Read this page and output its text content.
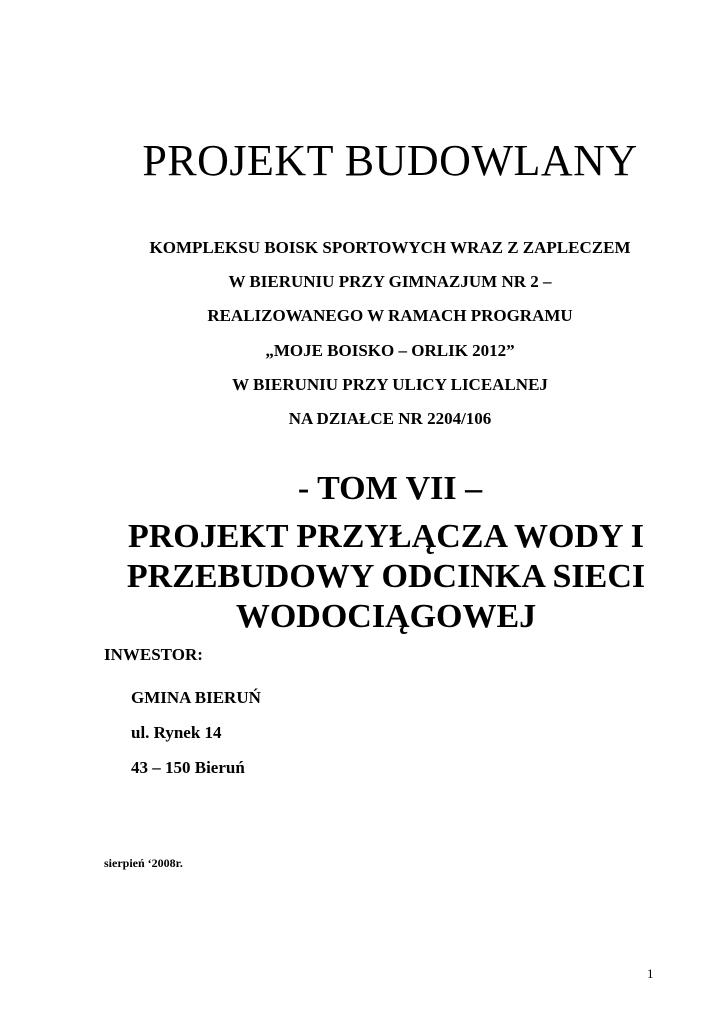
PROJEKT BUDOWLANY
KOMPLEKSU BOISK SPORTOWYCH WRAZ Z ZAPLECZEM
W BIERUNIU PRZY GIMNAZJUM NR 2 –
REALIZOWANEGO W RAMACH PROGRAMU
„MOJE BOISKO – ORLIK 2012”
W BIERUNIU PRZY ULICY LICEALNEJ
NA DZIAŁCE NR 2204/106
- TOM VII –
PROJEKT PRZYŁĄCZA WODY I
PRZEBUDOWY ODCINKA SIECI
WODOCIĄGOWEJ
INWESTOR:
GMINA BIERUŃ
ul. Rynek 14
43 – 150 Bieruń
sierpień ‘2008r.
1
